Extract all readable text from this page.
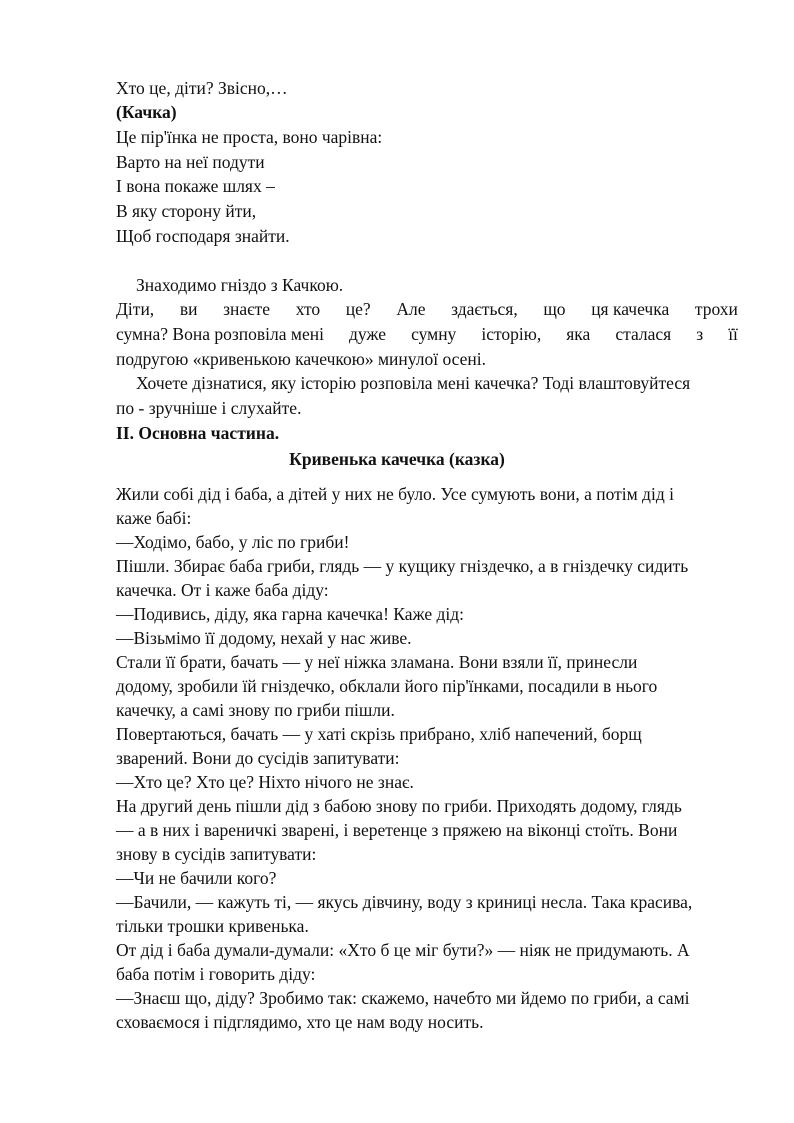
Хто це, діти? Звісно,…
(Качка)
Це пір'їнка не проста, воно чарівна:
Варто на неї подути
І вона покаже шлях –
В яку сторону йти,
Щоб господаря знайти.
Знаходимо гніздо з Качкою.
Діти, ви знаєте хто це? Але здається, що ця качечка трохи
сумна? Вона розповіла мені дуже сумну історію, яка сталася з її
подругою «кривенькою качечкою» минулої осені.
Хочете дізнатися, яку історію розповіла мені качечка? Тоді влаштовуйтеся
по - зручніше і слухайте.
ІІ. Основна частина.
Кривенька качечка (казка)
Жили собі дід і баба, а дітей у них не було. Усе сумують вони, а потім дід і
каже бабі:
—Ходімо, бабо, у ліс по гриби!
Пішли. Збирає баба гриби, глядь — у кущику гніздечко, а в гніздечку сидить
качечка. От і каже баба діду:
—Подивись, діду, яка гарна качечка! Каже дід:
—Візьмімо її додому, нехай у нас живе.
Стали її брати, бачать — у неї ніжка зламана. Вони взяли її, принесли
додому, зробили їй гніздечко, обклали його пір'їнками, посадили в нього
качечку, а самі знову по гриби пішли.
Повертаються, бачать — у хаті скрізь прибрано, хліб напечений, борщ
зварений. Вони до сусідів запитувати:
—Хто це? Хто це? Ніхто нічого не знає.
На другий день пішли дід з бабою знову по гриби. Приходять додому, глядь
— а в них і вареничкі зварені, і веретенце з пряжею на віконці стоїть. Вони
знову в сусідів запитувати:
—Чи не бачили кого?
—Бачили, — кажуть ті, — якусь дівчину, воду з криниці несла. Така красива,
тільки трошки кривенька.
От дід і баба думали-думали: «Хто б це міг бути?» — ніяк не придумають. А
баба потім і говорить діду:
—Знаєш що, діду? Зробимо так: скажемо, начебто ми йдемо по гриби, а самі
сховаємося і підглядимо, хто це нам воду носить.
